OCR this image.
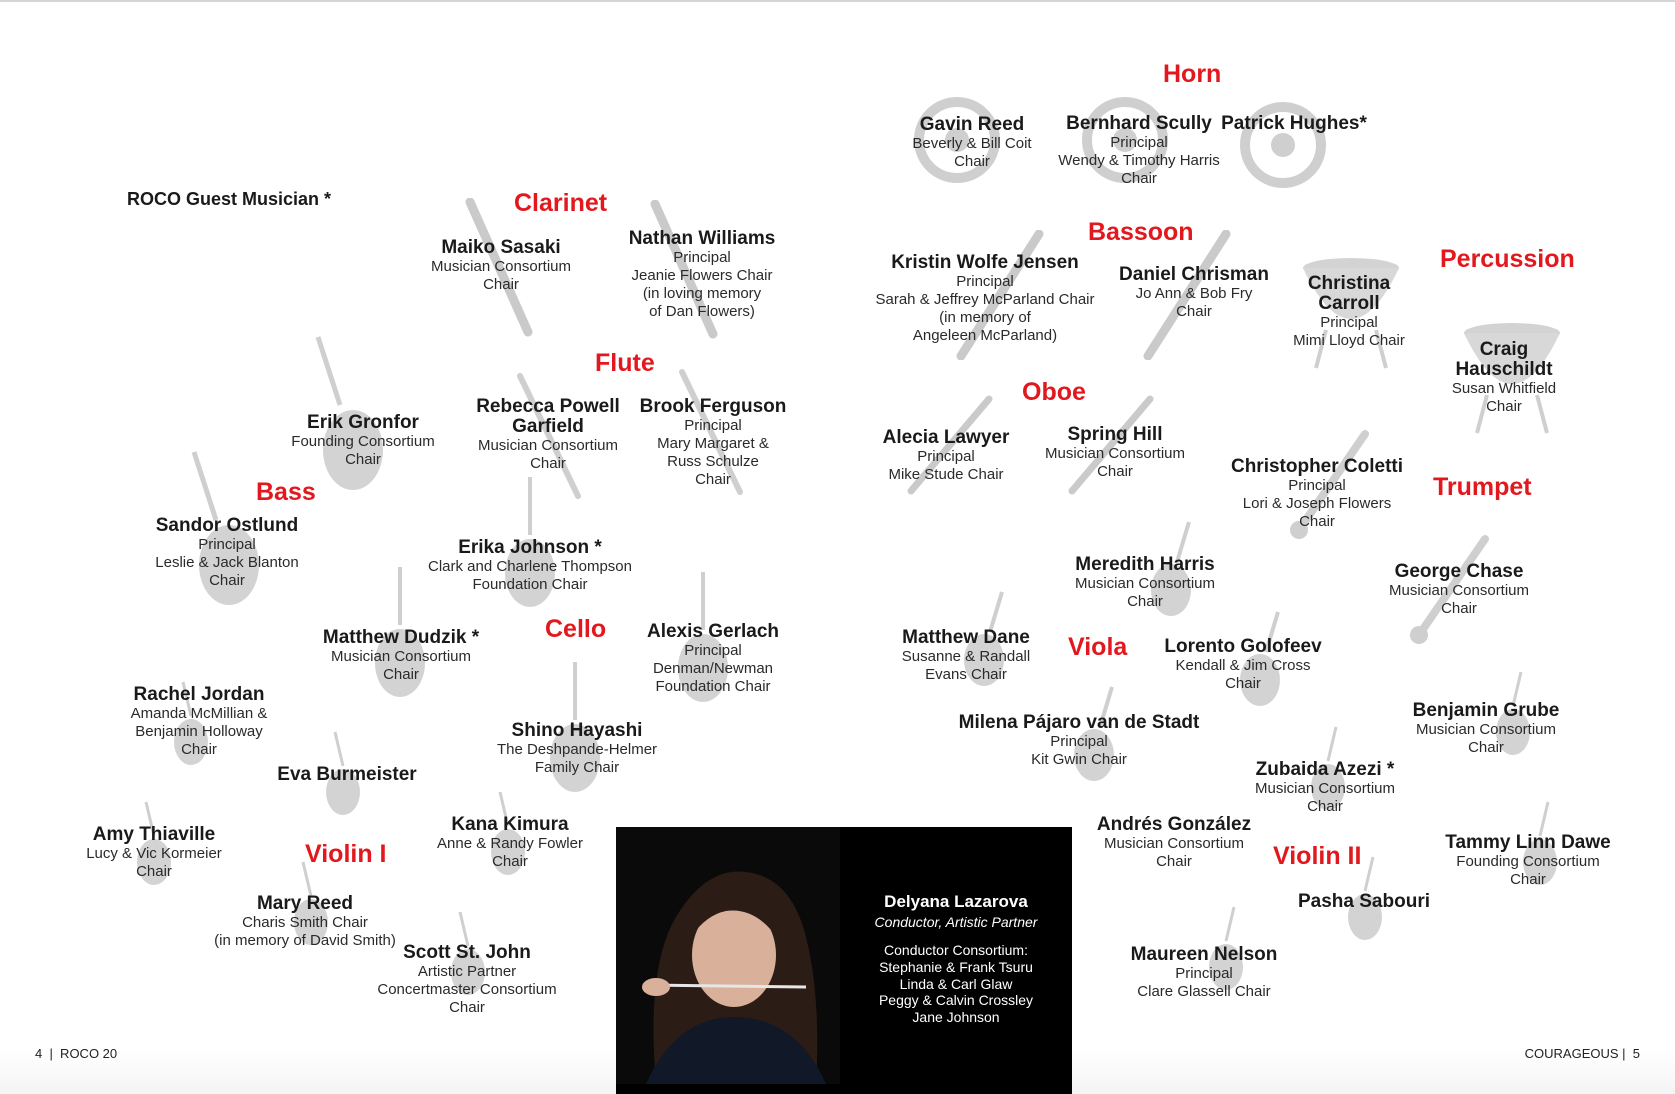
ROCO Guest Musician *
Horn
Clarinet
Bassoon
Percussion
Flute
Oboe
Bass	Trumpet
Cello
Viola
Violin I	Violin II
Gavin Reed
Beverly & Bill Coit
Chair
Bernhard Scully
Principal
Wendy & Timothy Harris
Chair
Patrick Hughes*
Maiko Sasaki
Musician Consortium
Chair
Nathan Williams
Principal
Jeanie Flowers Chair
(in loving memory
of Dan Flowers)
Kristin Wolfe Jensen
Principal
Sarah & Jeffrey McParland Chair
(in memory of
Angeleen McParland)
Daniel Chrisman
Jo Ann & Bob Fry
Chair
Christina
Carroll
Principal
Mimi Lloyd Chair	Craig
Hauschildt
Susan Whitfield
Chair
Erik Gronfor
Founding Consortium
Chair
Rebecca Powell
Garfield
Musician Consortium
Chair
Brook Ferguson
Principal
Mary Margaret &
Russ Schulze
Chair
Alecia Lawyer
Principal
Mike Stude Chair
Spring Hill
Musician Consortium
Chair	Christopher Coletti
Principal
Lori & Joseph Flowers
Chair
Sandor Ostlund
Principal
Leslie & Jack Blanton
Chair
Erika Johnson *
Clark and Charlene Thompson
Foundation Chair
Meredith Harris
Musician Consortium
Chair
George Chase
Musician Consortium
Chair
Matthew Dudzik *
Musician Consortium
Chair
Alexis Gerlach
Principal
Denman/Newman
Foundation Chair
Matthew Dane
Susanne & Randall
Evans Chair
Lorento Golofeev
Kendall & Jim Cross
Chair
Rachel Jordan
Amanda McMillian &
Benjamin Holloway
Chair
Shino Hayashi
The Deshpande-Helmer
Family Chair
Milena Pájaro van de Stadt
Principal
Kit Gwin Chair
Benjamin Grube
Musician Consortium
Chair
Eva Burmeister	Zubaida Azezi *
Musician Consortium
Chair
Amy Thiaville
Lucy & Vic Kormeier
Chair
Kana Kimura
Anne & Randy Fowler
Chair
Andrés González
Musician Consortium
Chair
Tammy Linn Dawe
Founding Consortium
Chair
Mary Reed
Charis Smith Chair
(in memory of David Smith)
Pasha Sabouri
Scott St. John
Artistic Partner
Concertmaster Consortium
Chair
Maureen Nelson
Principal
Clare Glassell Chair
Delyana Lazarova
Conductor, Artistic Partner
Conductor Consortium:
Stephanie & Frank Tsuru
Linda & Carl Glaw
Peggy & Calvin Crossley
Jane Johnson
4  |  ROCO 20	COURAGEOUS |  5
